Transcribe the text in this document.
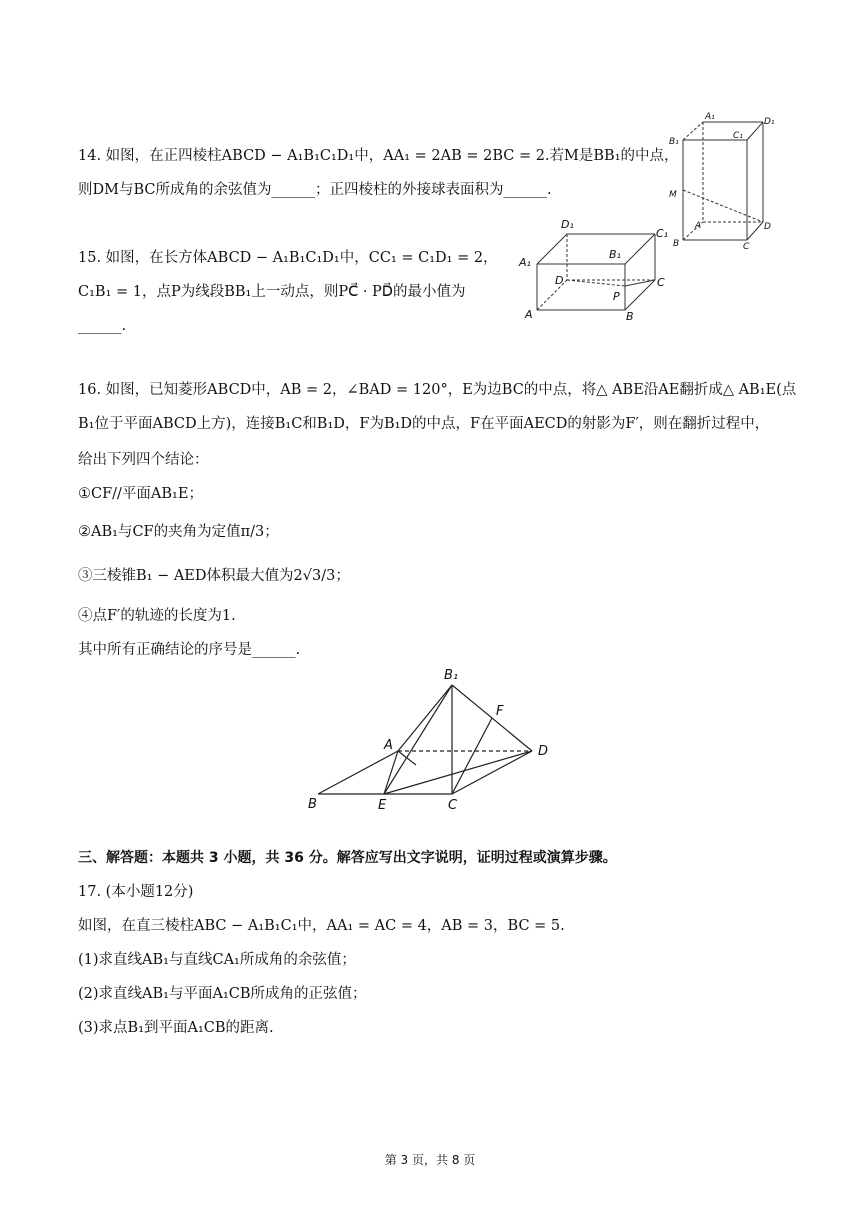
14. 如图，在正四棱柱ABCD − A₁B₁C₁D₁中，AA₁ = 2AB = 2BC = 2.若M是BB₁的中点，
则DM与BC所成角的余弦值为______；正四棱柱的外接球表面积为______.
A₁
B₁
C₁
D₁
M
A
B	C
D
15. 如图，在长方体ABCD − A₁B₁C₁D₁中，CC₁ = C₁D₁ = 2，
C₁B₁ = 1，点P为线段BB₁上一动点，则PC⃗ · PD⃗的最小值为
______.
D₁
B₁
C₁
A₁
D
P
C
A	B
16. 如图，已知菱形ABCD中，AB = 2，∠BAD = 120°，E为边BC的中点，将△ ABE沿AE翻折成△ AB₁E(点
B₁位于平面ABCD上方)，连接B₁C和B₁D，F为B₁D的中点，F在平面AECD的射影为F′，则在翻折过程中，
给出下列四个结论：
①CF//平面AB₁E；
②AB₁与CF的夹角为定值π/3；
③三棱锥B₁ − AED体积最大值为2√3/3；
④点F′的轨迹的长度为1.
其中所有正确结论的序号是______.
B₁
F
A	D
B	E	C
三、解答题：本题共 3 小题，共 36 分。解答应写出文字说明，证明过程或演算步骤。
17. (本小题12分)
如图，在直三棱柱ABC − A₁B₁C₁中，AA₁ = AC = 4，AB = 3，BC = 5.
(1)求直线AB₁与直线CA₁所成角的余弦值；
(2)求直线AB₁与平面A₁CB所成角的正弦值；
(3)求点B₁到平面A₁CB的距离.
第 3 页，共 8 页
